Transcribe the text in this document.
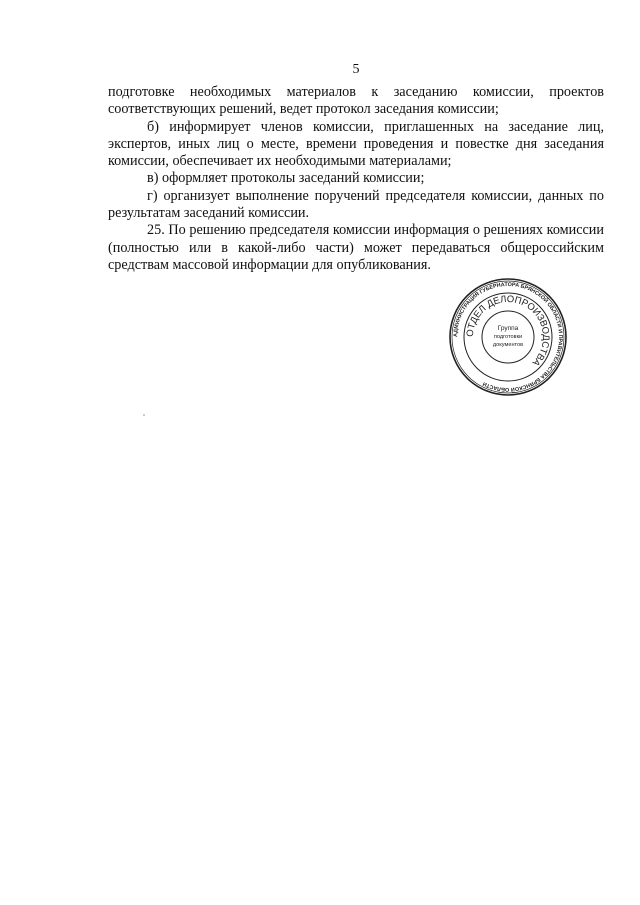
5

подготовке необходимых материалов к заседанию комиссии, проектов соответствующих решений, ведет протокол заседания комиссии;

б) информирует членов комиссии, приглашенных на заседание лиц, экспертов, иных лиц о месте, времени проведения и повестке дня заседания комиссии, обеспечивает их необходимыми материалами;

в) оформляет протоколы заседаний комиссии;

г) организует выполнение поручений председателя комиссии, данных по результатам заседаний комиссии.

25. По решению председателя комиссии информация о решениях комиссии (полностью или в какой-либо части) может передаваться общероссийским средствам массовой информации для опубликования.

АДМИНИСТРАЦИЯ ГУБЕРНАТОРА БРЯНСКОЙ ОБЛАСТИ И ПРАВИТЕЛЬСТВА БРЯНСКОЙ ОБЛАСТИ
ОТДЕЛ ДЕЛОПРОИЗВОДСТВА
Группа
подготовки
документов
